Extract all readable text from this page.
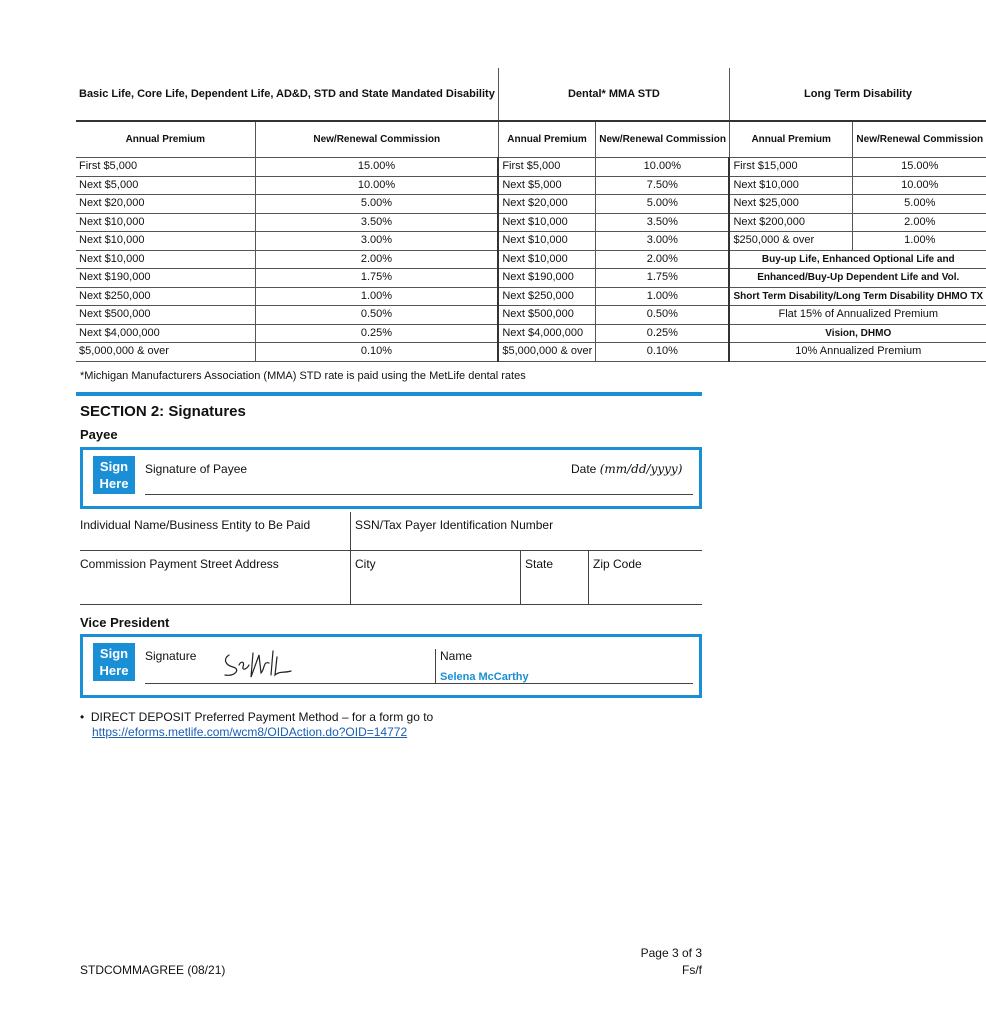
Basic Life, Core Life, Dependent Life, AD&D, STD and State Mandated Disability		Dental* MMA STD		Long Term Disability	
Annual Premium	New/Renewal Commission	Annual Premium	New/Renewal Commission	Annual Premium	New/Renewal Commission
First $5,000	15.00%	First $5,000	10.00%	First $15,000	15.00%
Next $5,000	10.00%	Next $5,000	7.50%	Next $10,000	10.00%
Next $20,000	5.00%	Next $20,000	5.00%	Next $25,000	5.00%
Next $10,000	3.50%	Next $10,000	3.50%	Next $200,000	2.00%
Next $10,000	3.00%	Next $10,000	3.00%	$250,000 & over	1.00%
Next $10,000	2.00%	Next $10,000	2.00%	Buy-up Life, Enhanced Optional Life and	
Next $190,000	1.75%	Next $190,000	1.75%	Enhanced/Buy-Up Dependent Life and Vol.	
Next $250,000	1.00%	Next $250,000	1.00%	Short Term Disability/Long Term Disability DHMO TX	
Next $500,000	0.50%	Next $500,000	0.50%	Flat 15% of Annualized Premium	
Next $4,000,000	0.25%	Next $4,000,000	0.25%	Vision, DHMO	
$5,000,000 & over	0.10%	$5,000,000 & over	0.10%	10% Annualized Premium	
*Michigan Manufacturers Association (MMA) STD rate is paid using the MetLife dental rates
SECTION 2: Signatures
Payee
Sign Here
Signature of Payee	Date (mm/dd/yyyy)
Individual Name/Business Entity to Be Paid	SSN/Tax Payer Identification Number
Commission Payment Street Address	City	State	Zip Code
Vice President
Sign Here
Signature	Name
Selena McCarthy
•  DIRECT DEPOSIT Preferred Payment Method – for a form go to
https://eforms.metlife.com/wcm8/OIDAction.do?OID=14772
STDCOMMAGREE (08/21)
Page 3 of 3
Fs/f
